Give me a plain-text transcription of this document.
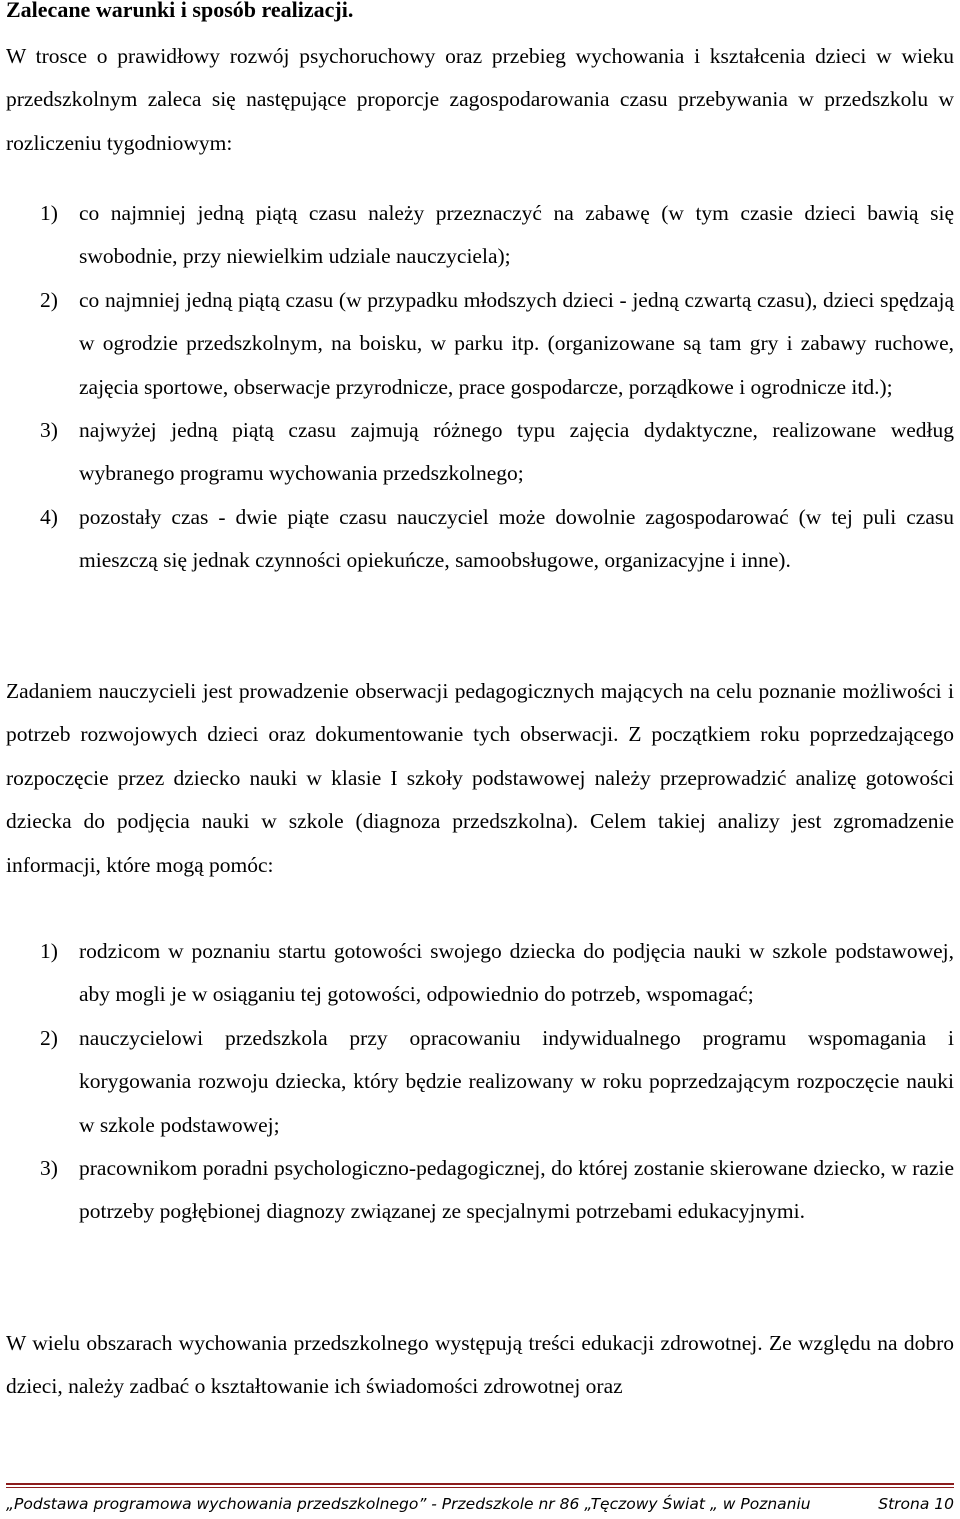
Zalecane warunki i sposób realizacji.

W trosce o prawidłowy rozwój psychoruchowy oraz przebieg wychowania i kształcenia dzieci w wieku przedszkolnym zaleca się następujące proporcje zagospodarowania czasu przebywania w przedszkolu w rozliczeniu tygodniowym:

1) co najmniej jedną piątą czasu należy przeznaczyć na zabawę (w tym czasie dzieci bawią się swobodnie, przy niewielkim udziale nauczyciela);
2) co najmniej jedną piątą czasu (w przypadku młodszych dzieci - jedną czwartą czasu), dzieci spędzają w ogrodzie przedszkolnym, na boisku, w parku itp. (organizowane są tam gry i zabawy ruchowe, zajęcia sportowe, obserwacje przyrodnicze, prace gospodarcze, porządkowe i ogrodnicze itd.);
3) najwyżej jedną piątą czasu zajmują różnego typu zajęcia dydaktyczne, realizowane według wybranego programu wychowania przedszkolnego;
4) pozostały czas - dwie piąte czasu nauczyciel może dowolnie zagospodarować (w tej puli czasu mieszczą się jednak czynności opiekuńcze, samoobsługowe, organizacyjne i inne).

Zadaniem nauczycieli jest prowadzenie obserwacji pedagogicznych mających na celu poznanie możliwości i potrzeb rozwojowych dzieci oraz dokumentowanie tych obserwacji. Z początkiem roku poprzedzającego rozpoczęcie przez dziecko nauki w klasie I szkoły podstawowej należy przeprowadzić analizę gotowości dziecka do podjęcia nauki w szkole (diagnoza przedszkolna). Celem takiej analizy jest zgromadzenie informacji, które mogą pomóc:

1) rodzicom w poznaniu startu gotowości swojego dziecka do podjęcia nauki w szkole podstawowej, aby mogli je w osiąganiu tej gotowości, odpowiednio do potrzeb, wspomagać;
2) nauczycielowi przedszkola przy opracowaniu indywidualnego programu wspomagania i korygowania rozwoju dziecka, który będzie realizowany w roku poprzedzającym rozpoczęcie nauki w szkole podstawowej;
3) pracownikom poradni psychologiczno-pedagogicznej, do której zostanie skierowane dziecko, w razie potrzeby pogłębionej diagnozy związanej ze specjalnymi potrzebami edukacyjnymi.

W wielu obszarach wychowania przedszkolnego występują treści edukacji zdrowotnej. Ze względu na dobro dzieci, należy zadbać o kształtowanie ich świadomości zdrowotnej oraz

„Podstawa programowa wychowania przedszkolnego” - Przedszkole nr 86 „Tęczowy Świat „ w Poznaniu	Strona 10
